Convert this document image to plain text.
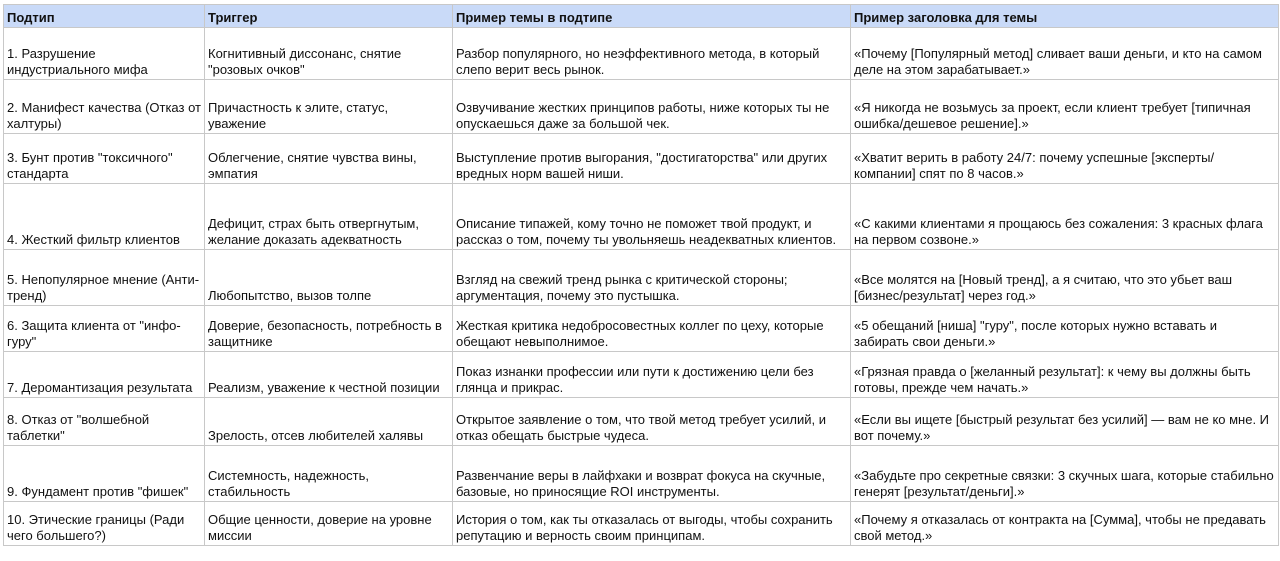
Подтип	Триггер	Пример темы в подтипе	Пример заголовка для темы
1. Разрушение индустриального мифа	Когнитивный диссонанс, снятие "розовых очков"	Разбор популярного, но неэффективного метода, в который слепо верит весь рынок.	«Почему [Популярный метод] сливает ваши деньги, и кто на самом деле на этом зарабатывает.»
2. Манифест качества (Отказ от халтуры)	Причастность к элите, статус, уважение	Озвучивание жестких принципов работы, ниже которых ты не опускаешься даже за большой чек.	«Я никогда не возьмусь за проект, если клиент требует [типичная ошибка/дешевое решение].»
3. Бунт против "токсичного" стандарта	Облегчение, снятие чувства вины, эмпатия	Выступление против выгорания, "достигаторства" или других вредных норм вашей ниши.	«Хватит верить в работу 24/7: почему успешные [эксперты/компании] спят по 8 часов.»
4. Жесткий фильтр клиентов	Дефицит, страх быть отвергнутым, желание доказать адекватность	Описание типажей, кому точно не поможет твой продукт, и рассказ о том, почему ты увольняешь неадекватных клиентов.	«С какими клиентами я прощаюсь без сожаления: 3 красных флага на первом созвоне.»
5. Непопулярное мнение (Анти-тренд)	Любопытство, вызов толпе	Взгляд на свежий тренд рынка с критической стороны; аргументация, почему это пустышка.	«Все молятся на [Новый тренд], а я считаю, что это убьет ваш [бизнес/результат] через год.»
6. Защита клиента от "инфо-гуру"	Доверие, безопасность, потребность в защитнике	Жесткая критика недобросовестных коллег по цеху, которые обещают невыполнимое.	«5 обещаний [ниша] "гуру", после которых нужно вставать и забирать свои деньги.»
7. Деромантизация результата	Реализм, уважение к честной позиции	Показ изнанки профессии или пути к достижению цели без глянца и прикрас.	«Грязная правда о [желанный результат]: к чему вы должны быть готовы, прежде чем начать.»
8. Отказ от "волшебной таблетки"	Зрелость, отсев любителей халявы	Открытое заявление о том, что твой метод требует усилий, и отказ обещать быстрые чудеса.	«Если вы ищете [быстрый результат без усилий] — вам не ко мне. И вот почему.»
9. Фундамент против "фишек"	Системность, надежность, стабильность	Развенчание веры в лайфхаки и возврат фокуса на скучные, базовые, но приносящие ROI инструменты.	«Забудьте про секретные связки: 3 скучных шага, которые стабильно генерят [результат/деньги].»
10. Этические границы (Ради чего большего?)	Общие ценности, доверие на уровне миссии	История о том, как ты отказалась от выгоды, чтобы сохранить репутацию и верность своим принципам.	«Почему я отказалась от контракта на [Сумма], чтобы не предавать свой метод.»
